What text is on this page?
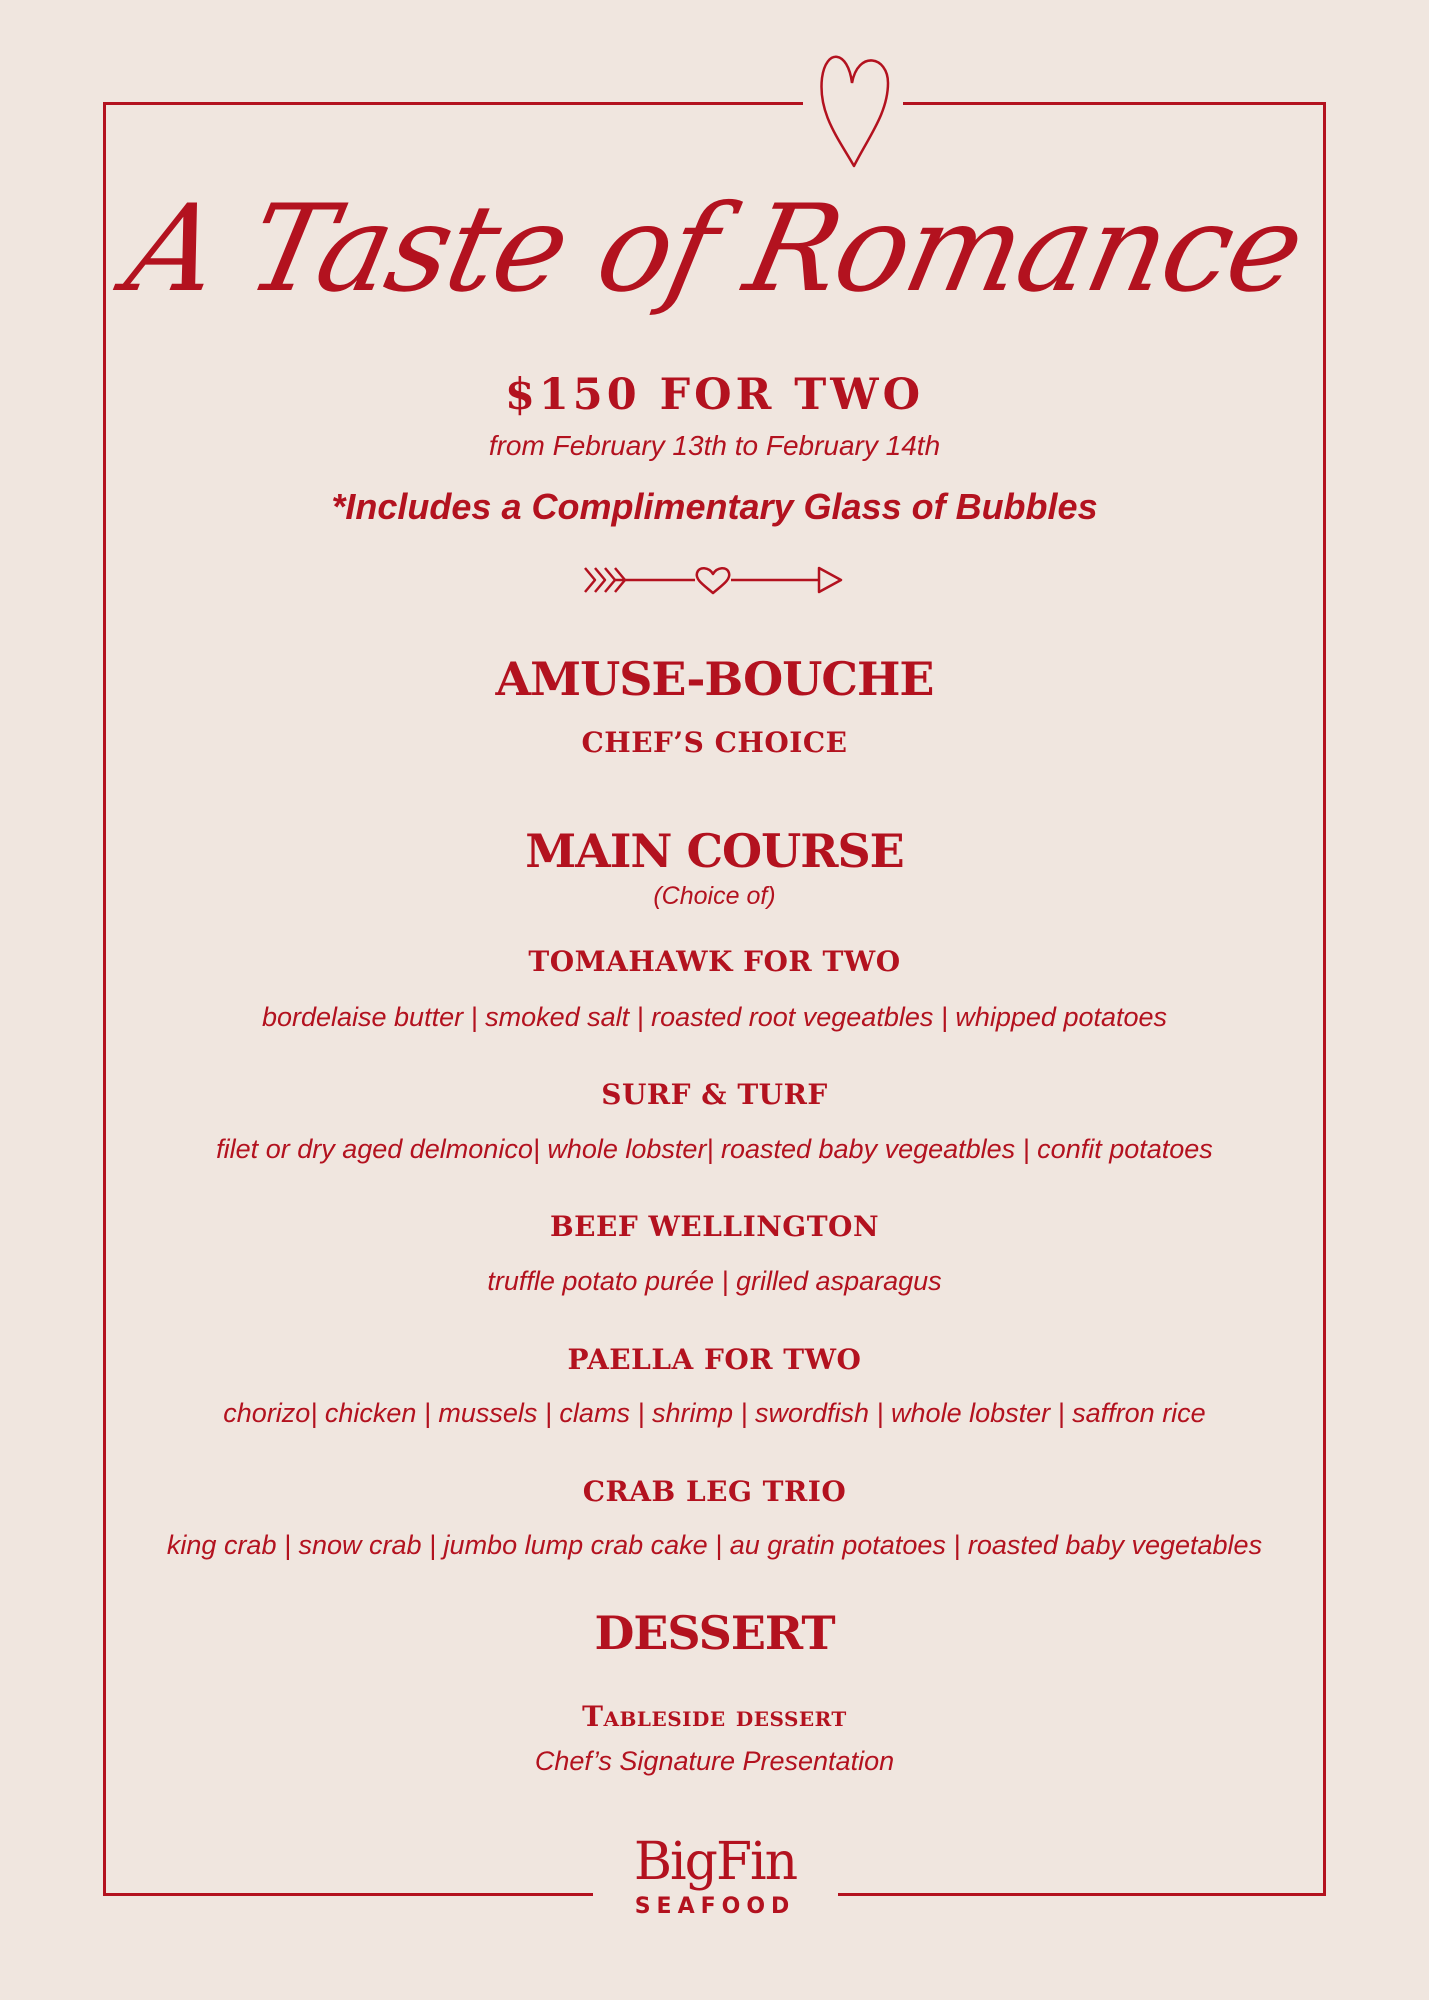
A Taste of Romance
$150 FOR TWO
from February 13th to February 14th
*Includes a Complimentary Glass of Bubbles
AMUSE-BOUCHE
CHEF’S CHOICE
MAIN COURSE
(Choice of)
TOMAHAWK FOR TWO
bordelaise butter | smoked salt | roasted root vegeatbles | whipped potatoes
SURF & TURF
filet or dry aged delmonico| whole lobster| roasted baby vegeatbles | confit potatoes
BEEF WELLINGTON
truffle potato purée | grilled asparagus
PAELLA FOR TWO
chorizo| chicken | mussels | clams | shrimp | swordfish | whole lobster | saffron rice
CRAB LEG TRIO
king crab | snow crab | jumbo lump crab cake | au gratin potatoes | roasted baby vegetables
DESSERT
Tableside dessert
Chef’s Signature Presentation
BigFin
SEAFOOD
